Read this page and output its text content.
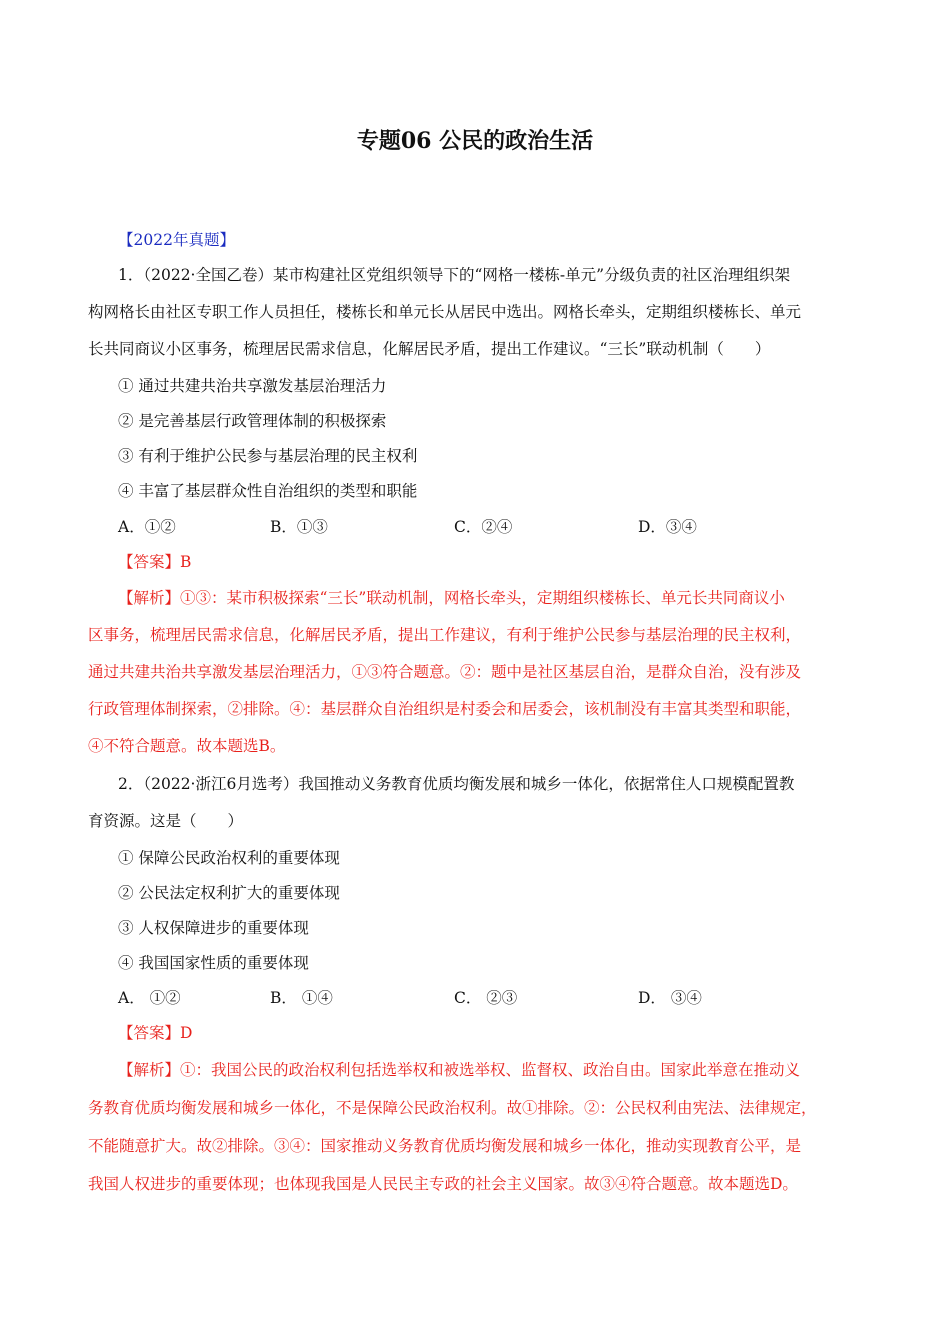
专题06 公民的政治生活
【2022年真题】
1．（2022·全国乙卷）某市构建社区党组织领导下的“网格一楼栋-单元”分级负责的社区治理组织架
构网格长由社区专职工作人员担任，楼栋长和单元长从居民中选出。网格长牵头，定期组织楼栋长、单元
长共同商议小区事务，梳理居民需求信息，化解居民矛盾，提出工作建议。“三长”联动机制（　　）
① 通过共建共治共享激发基层治理活力
② 是完善基层行政管理体制的积极探索
③ 有利于维护公民参与基层治理的民主权利
④ 丰富了基层群众性自治组织的类型和职能
A．①②	B．①③	C．②④	D．③④
【答案】B
【解析】①③：某市积极探索“三长”联动机制，网格长牵头，定期组织楼栋长、单元长共同商议小
区事务，梳理居民需求信息，化解居民矛盾，提出工作建议，有利于维护公民参与基层治理的民主权利，
通过共建共治共享激发基层治理活力，①③符合题意。②：题中是社区基层自治，是群众自治，没有涉及
行政管理体制探索，②排除。④：基层群众自治组织是村委会和居委会，该机制没有丰富其类型和职能，
④不符合题意。故本题选B。
2．（2022·浙江6月选考）我国推动义务教育优质均衡发展和城乡一体化，依据常住人口规模配置教
育资源。这是（　　）
① 保障公民政治权利的重要体现
② 公民法定权利扩大的重要体现
③ 人权保障进步的重要体现
④ 我国国家性质的重要体现
A． ①②	B． ①④	C． ②③	D． ③④
【答案】D
【解析】①：我国公民的政治权利包括选举权和被选举权、监督权、政治自由。国家此举意在推动义
务教育优质均衡发展和城乡一体化，不是保障公民政治权利。故①排除。②：公民权利由宪法、法律规定，
不能随意扩大。故②排除。③④：国家推动义务教育优质均衡发展和城乡一体化，推动实现教育公平，是
我国人权进步的重要体现；也体现我国是人民民主专政的社会主义国家。故③④符合题意。故本题选D。
